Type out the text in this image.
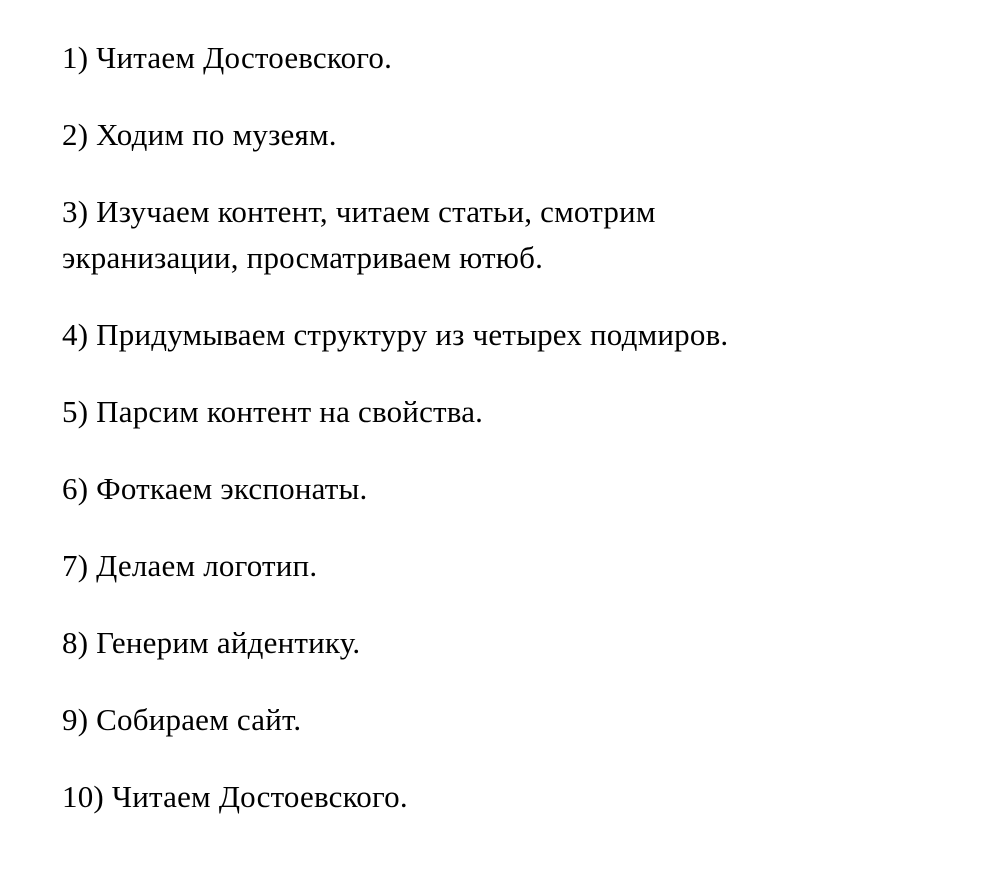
1) Читаем Достоевского.

2) Ходим по музеям.

3) Изучаем контент, читаем статьи, смотрим
экранизации, просматриваем ютюб.

4) Придумываем структуру из четырех подмиров.

5) Парсим контент на свойства.

6) Фоткаем экспонаты.

7) Делаем логотип.

8) Генерим айдентику.

9) Собираем сайт.

10) Читаем Достоевского.
